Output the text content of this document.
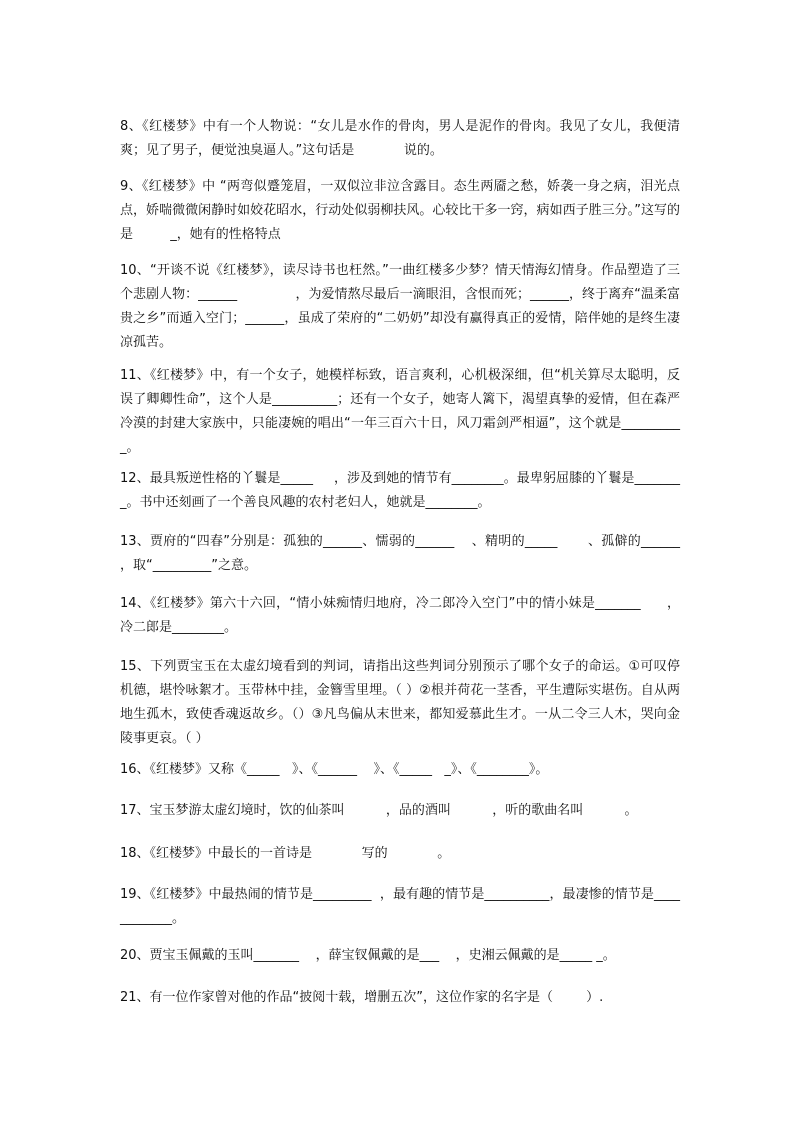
8、《红楼梦》中有一个人物说：“女儿是水作的骨肉，男人是泥作的骨肉。我见了女儿，我便清爽；见了男子，便觉浊臭逼人。”这句话是            说的。

9、《红楼梦》中 “两弯似蹙笼眉，一双似泣非泣含露目。态生两靥之愁，娇袭一身之病，泪光点点，娇喘微微闲静时如姣花昭水，行动处似弱柳扶风。心较比干多一窍，病如西子胜三分。”这写的是         _，她有的性格特点

10、“开谈不说《红楼梦》，读尽诗书也枉然。”一曲红楼多少梦？情天情海幻情身。作品塑造了三个悲剧人物：______              ，为爱情熬尽最后一滴眼泪，含恨而死；______，终于离弃“温柔富贵之乡”而遁入空门；______，虽成了荣府的“二奶奶”却没有赢得真正的爱情，陪伴她的是终生凄凉孤苦。

11、《红楼梦》中，有一个女子，她模样标致，语言爽利，心机极深细，但“机关算尽太聪明，反误了卿卿性命”，这个人是__________；还有一个女子，她寄人篱下，渴望真挚的爱情，但在森严冷漠的封建大家族中，只能凄婉的唱出“一年三百六十日，风刀霜剑严相逼”，这个就是__________。

12、最具叛逆性格的丫鬟是_____     ，涉及到她的情节有________。最卑躬屈膝的丫鬟是________。书中还刻画了一个善良风趣的农村老妇人，她就是________。

13、贾府的“四春”分别是：孤独的______、懦弱的______    、精明的_____       、孤僻的______      ，取“_________”之意。

14、《红楼梦》第六十六回，“情小妹痴情归地府，冷二郎冷入空门”中的情小妹是_______      ，冷二郎是________。

15、下列贾宝玉在太虚幻境看到的判词，请指出这些判词分别预示了哪个女子的命运。①可叹停机德，堪怜咏絮才。玉带林中挂，金簪雪里埋。（ ）②根并荷花一茎香，平生遭际实堪伤。自从两地生孤木，致使香魂返故乡。（）③凡鸟偏从末世来，都知爱慕此生才。一从二令三人木，哭向金陵事更哀。（ ）

16、《红楼梦》又称《_____   》、《______    》、《_____   _》、《________》。

17、宝玉梦游太虚幻境时，饮的仙茶叫          ，品的酒叫          ，听的歌曲名叫          。

18、《红楼梦》中最长的一首诗是            写的            。

19、《红楼梦》中最热闹的情节是_________  ，最有趣的情节是__________，最凄惨的情节是____________。

20、贾宝玉佩戴的玉叫_______    ，薛宝钗佩戴的是___    ，史湘云佩戴的是_____ _。

21、有一位作家曾对他的作品“披阅十载，增删五次”，这位作家的名字是（        ）.
